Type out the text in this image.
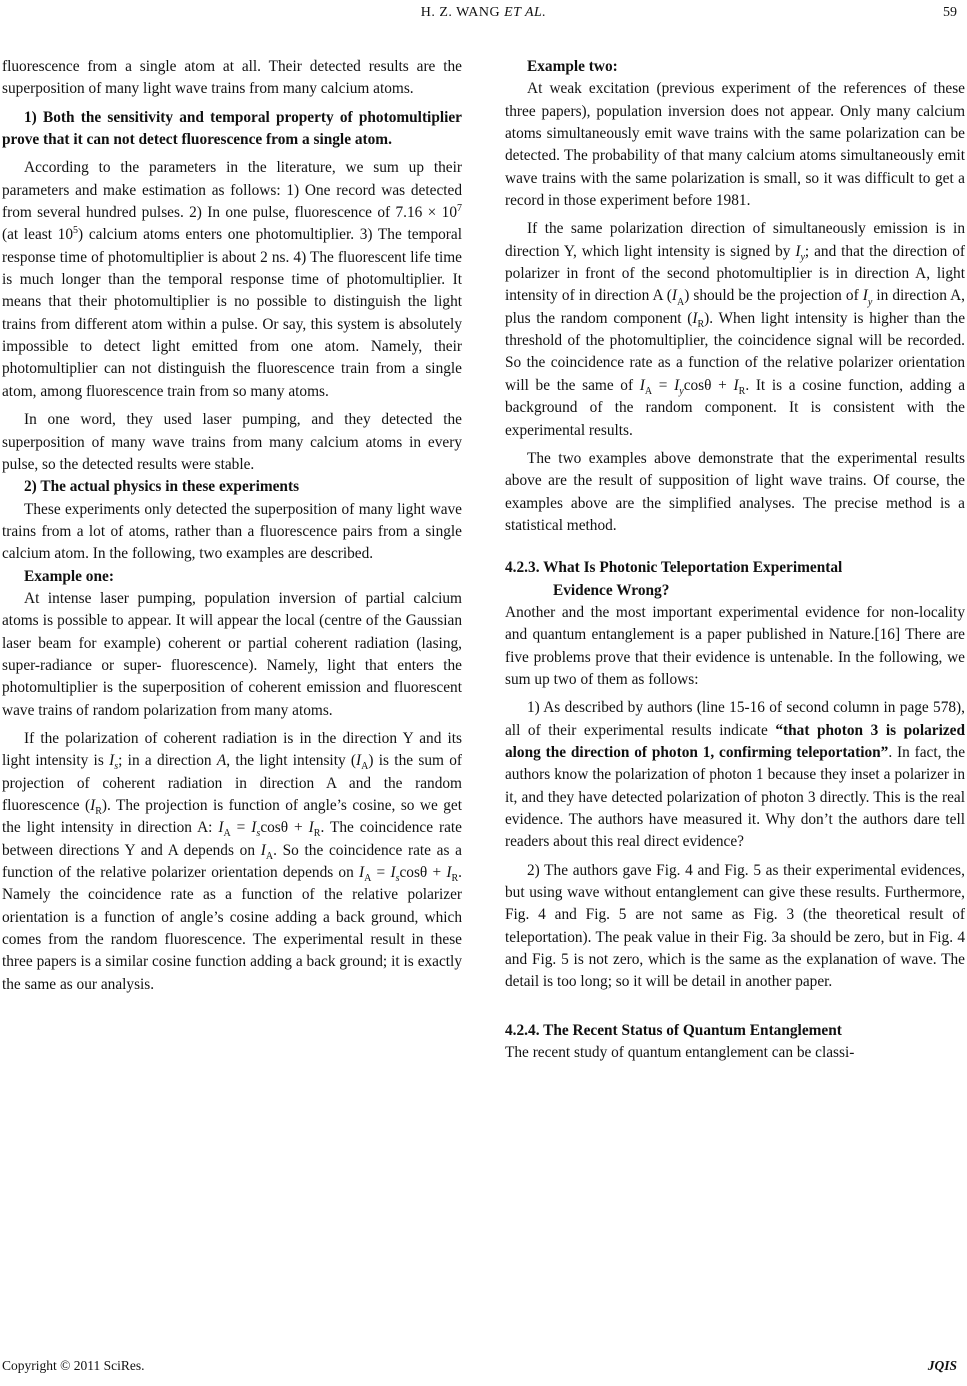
H. Z. WANG ET AL.	59

fluorescence from a single atom at all. Their detected results are the superposition of many light wave trains from many calcium atoms.

1) Both the sensitivity and temporal property of photomultiplier prove that it can not detect fluorescence from a single atom.

According to the parameters in the literature, we sum up their parameters and make estimation as follows: 1) One record was detected from several hundred pulses. 2) In one pulse, fluorescence of $7.16 \times 10^7$ (at least $10^5$) calcium atoms enters one photomultiplier. 3) The temporal response time of photomultiplier is about 2 ns. 4) The fluorescent life time is much longer than the temporal response time of photomultiplier. It means that their photomultiplier is no possible to distinguish the light trains from different atom within a pulse. Or say, this system is absolutely impossible to detect light emitted from one atom. Namely, their photomultiplier can not distinguish the fluorescence train from a single atom, among fluorescence train from so many atoms.

In one word, they used laser pumping, and they detected the superposition of many wave trains from many calcium atoms in every pulse, so the detected results were stable.

2) The actual physics in these experiments

These experiments only detected the superposition of many light wave trains from a lot of atoms, rather than a fluorescence pairs from a single calcium atom. In the following, two examples are described.

Example one:

At intense laser pumping, population inversion of partial calcium atoms is possible to appear. It will appear the local (centre of the Gaussian laser beam for example) coherent or partial coherent radiation (lasing, super-radiance or super- fluorescence). Namely, light that enters the photomultiplier is the superposition of coherent emission and fluorescent wave trains of random polarization from many atoms.

If the polarization of coherent radiation is in the direction Y and its light intensity is $I_s$; in a direction A, the light intensity $(I_A)$ is the sum of projection of coherent radiation in direction A and the random fluorescence $(I_R)$. The projection is function of angle’s cosine, so we get the light intensity in direction A: $I_A = I_s\cos\theta + I_R$. The coincidence rate between directions Y and A depends on $I_A$. So the coincidence rate as a function of the relative polarizer orientation depends on $I_A = I_s\cos\theta + I_R$. Namely the coincidence rate as a function of the relative polarizer orientation is a function of angle’s cosine adding a back ground, which comes from the random fluorescence. The experimental result in these three papers is a similar cosine function adding a back ground; it is exactly the same as our analysis.

Example two:

At weak excitation (previous experiment of the references of these three papers), population inversion does not appear. Only many calcium atoms simultaneously emit wave trains with the same polarization can be detected. The probability of that many calcium atoms simultaneously emit wave trains with the same polarization is small, so it was difficult to get a record in those experiment before 1981.

If the same polarization direction of simultaneously emission is in direction Y, which light intensity is signed by $I_y$; and that the direction of polarizer in front of the second photomultiplier is in direction A, light intensity of in direction A $(I_A)$ should be the projection of $I_y$ in direction A, plus the random component $(I_R)$. When light intensity is higher than the threshold of the photomultiplier, the coincidence signal will be recorded. So the coincidence rate as a function of the relative polarizer orientation will be the same of $I_A = I_y\cos\theta + I_R$. It is a cosine function, adding a background of the random component. It is consistent with the experimental results.

The two examples above demonstrate that the experimental results above are the result of supposition of light wave trains. Of course, the examples above are the simplified analyses. The precise method is a statistical method.

4.2.3. What Is Photonic Teleportation Experimental
Evidence Wrong?

Another and the most important experimental evidence for non-locality and quantum entanglement is a paper published in Nature.[16] There are five problems prove that their evidence is untenable. In the following, we sum up two of them as follows:

1) As described by authors (line 15-16 of second column in page 578), all of their experimental results indicate “that photon 3 is polarized along the direction of photon 1, confirming teleportation”. In fact, the authors know the polarization of photon 1 because they inset a polarizer in it, and they have detected polarization of photon 3 directly. This is the real evidence. The authors have measured it. Why don’t the authors dare tell readers about this real direct evidence?

2) The authors gave Fig. 4 and Fig. 5 as their experimental evidences, but using wave without entanglement can give these results. Furthermore, Fig. 4 and Fig. 5 are not same as Fig. 3 (the theoretical result of teleportation). The peak value in their Fig. 3a should be zero, but in Fig. 4 and Fig. 5 is not zero, which is the same as the explanation of wave. The detail is too long; so it will be detail in another paper.

4.2.4. The Recent Status of Quantum Entanglement

The recent study of quantum entanglement can be classi-

Copyright © 2011 SciRes.	JQIS
